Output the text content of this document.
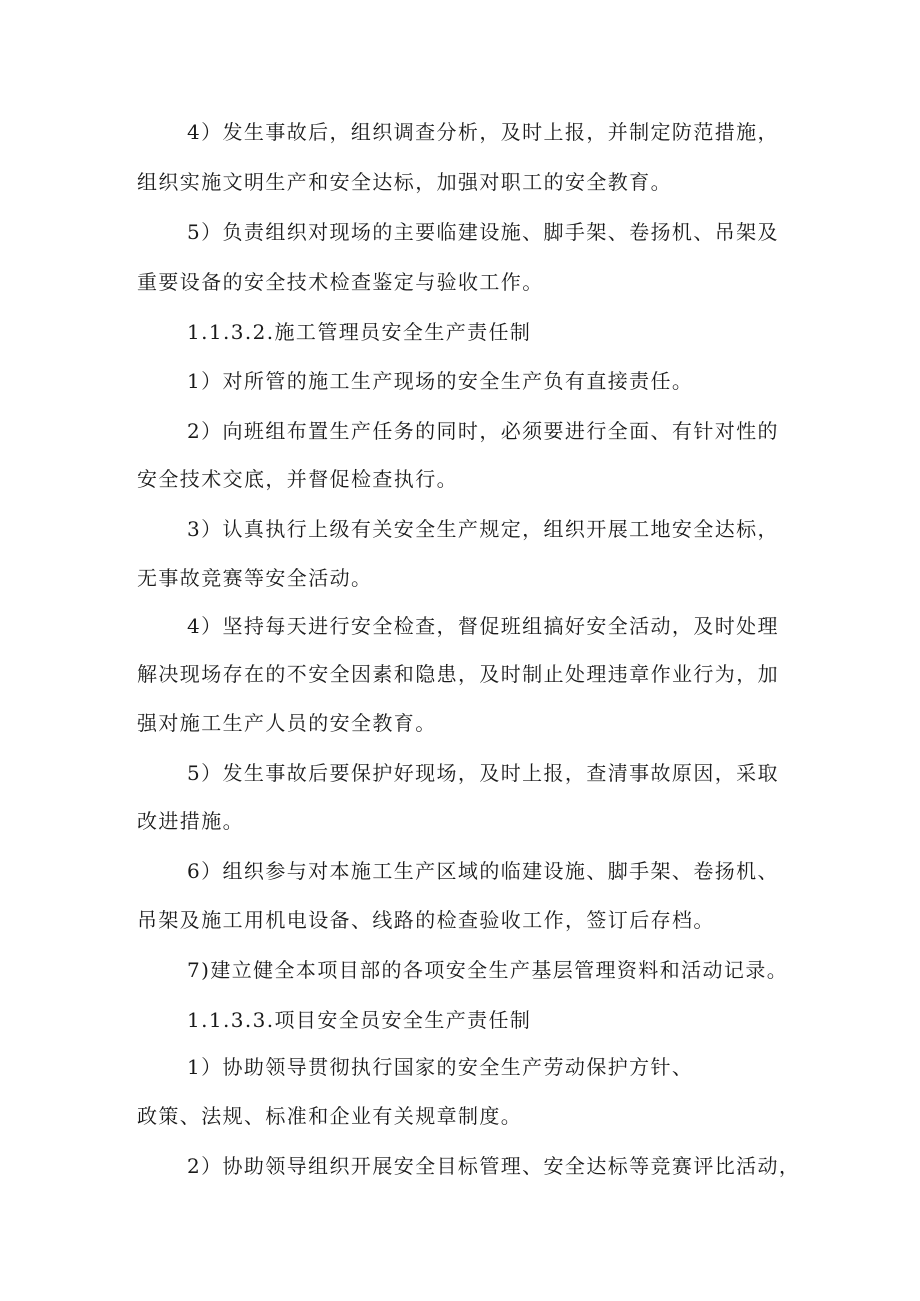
4）发生事故后，组织调查分析，及时上报，并制定防范措施，
组织实施文明生产和安全达标，加强对职工的安全教育。
5）负责组织对现场的主要临建设施、脚手架、卷扬机、吊架及
重要设备的安全技术检查鉴定与验收工作。
1.1.3.2.施工管理员安全生产责任制
1）对所管的施工生产现场的安全生产负有直接责任。
2）向班组布置生产任务的同时，必须要进行全面、有针对性的
安全技术交底，并督促检查执行。
3）认真执行上级有关安全生产规定，组织开展工地安全达标，
无事故竞赛等安全活动。
4）坚持每天进行安全检查，督促班组搞好安全活动，及时处理
解决现场存在的不安全因素和隐患，及时制止处理违章作业行为，加
强对施工生产人员的安全教育。
5）发生事故后要保护好现场，及时上报，查清事故原因，采取
改进措施。
6）组织参与对本施工生产区域的临建设施、脚手架、卷扬机、
吊架及施工用机电设备、线路的检查验收工作，签订后存档。
7)建立健全本项目部的各项安全生产基层管理资料和活动记录。
1.1.3.3.项目安全员安全生产责任制
1）协助领导贯彻执行国家的安全生产劳动保护方针、
政策、法规、标准和企业有关规章制度。
2）协助领导组织开展安全目标管理、安全达标等竞赛评比活动，
